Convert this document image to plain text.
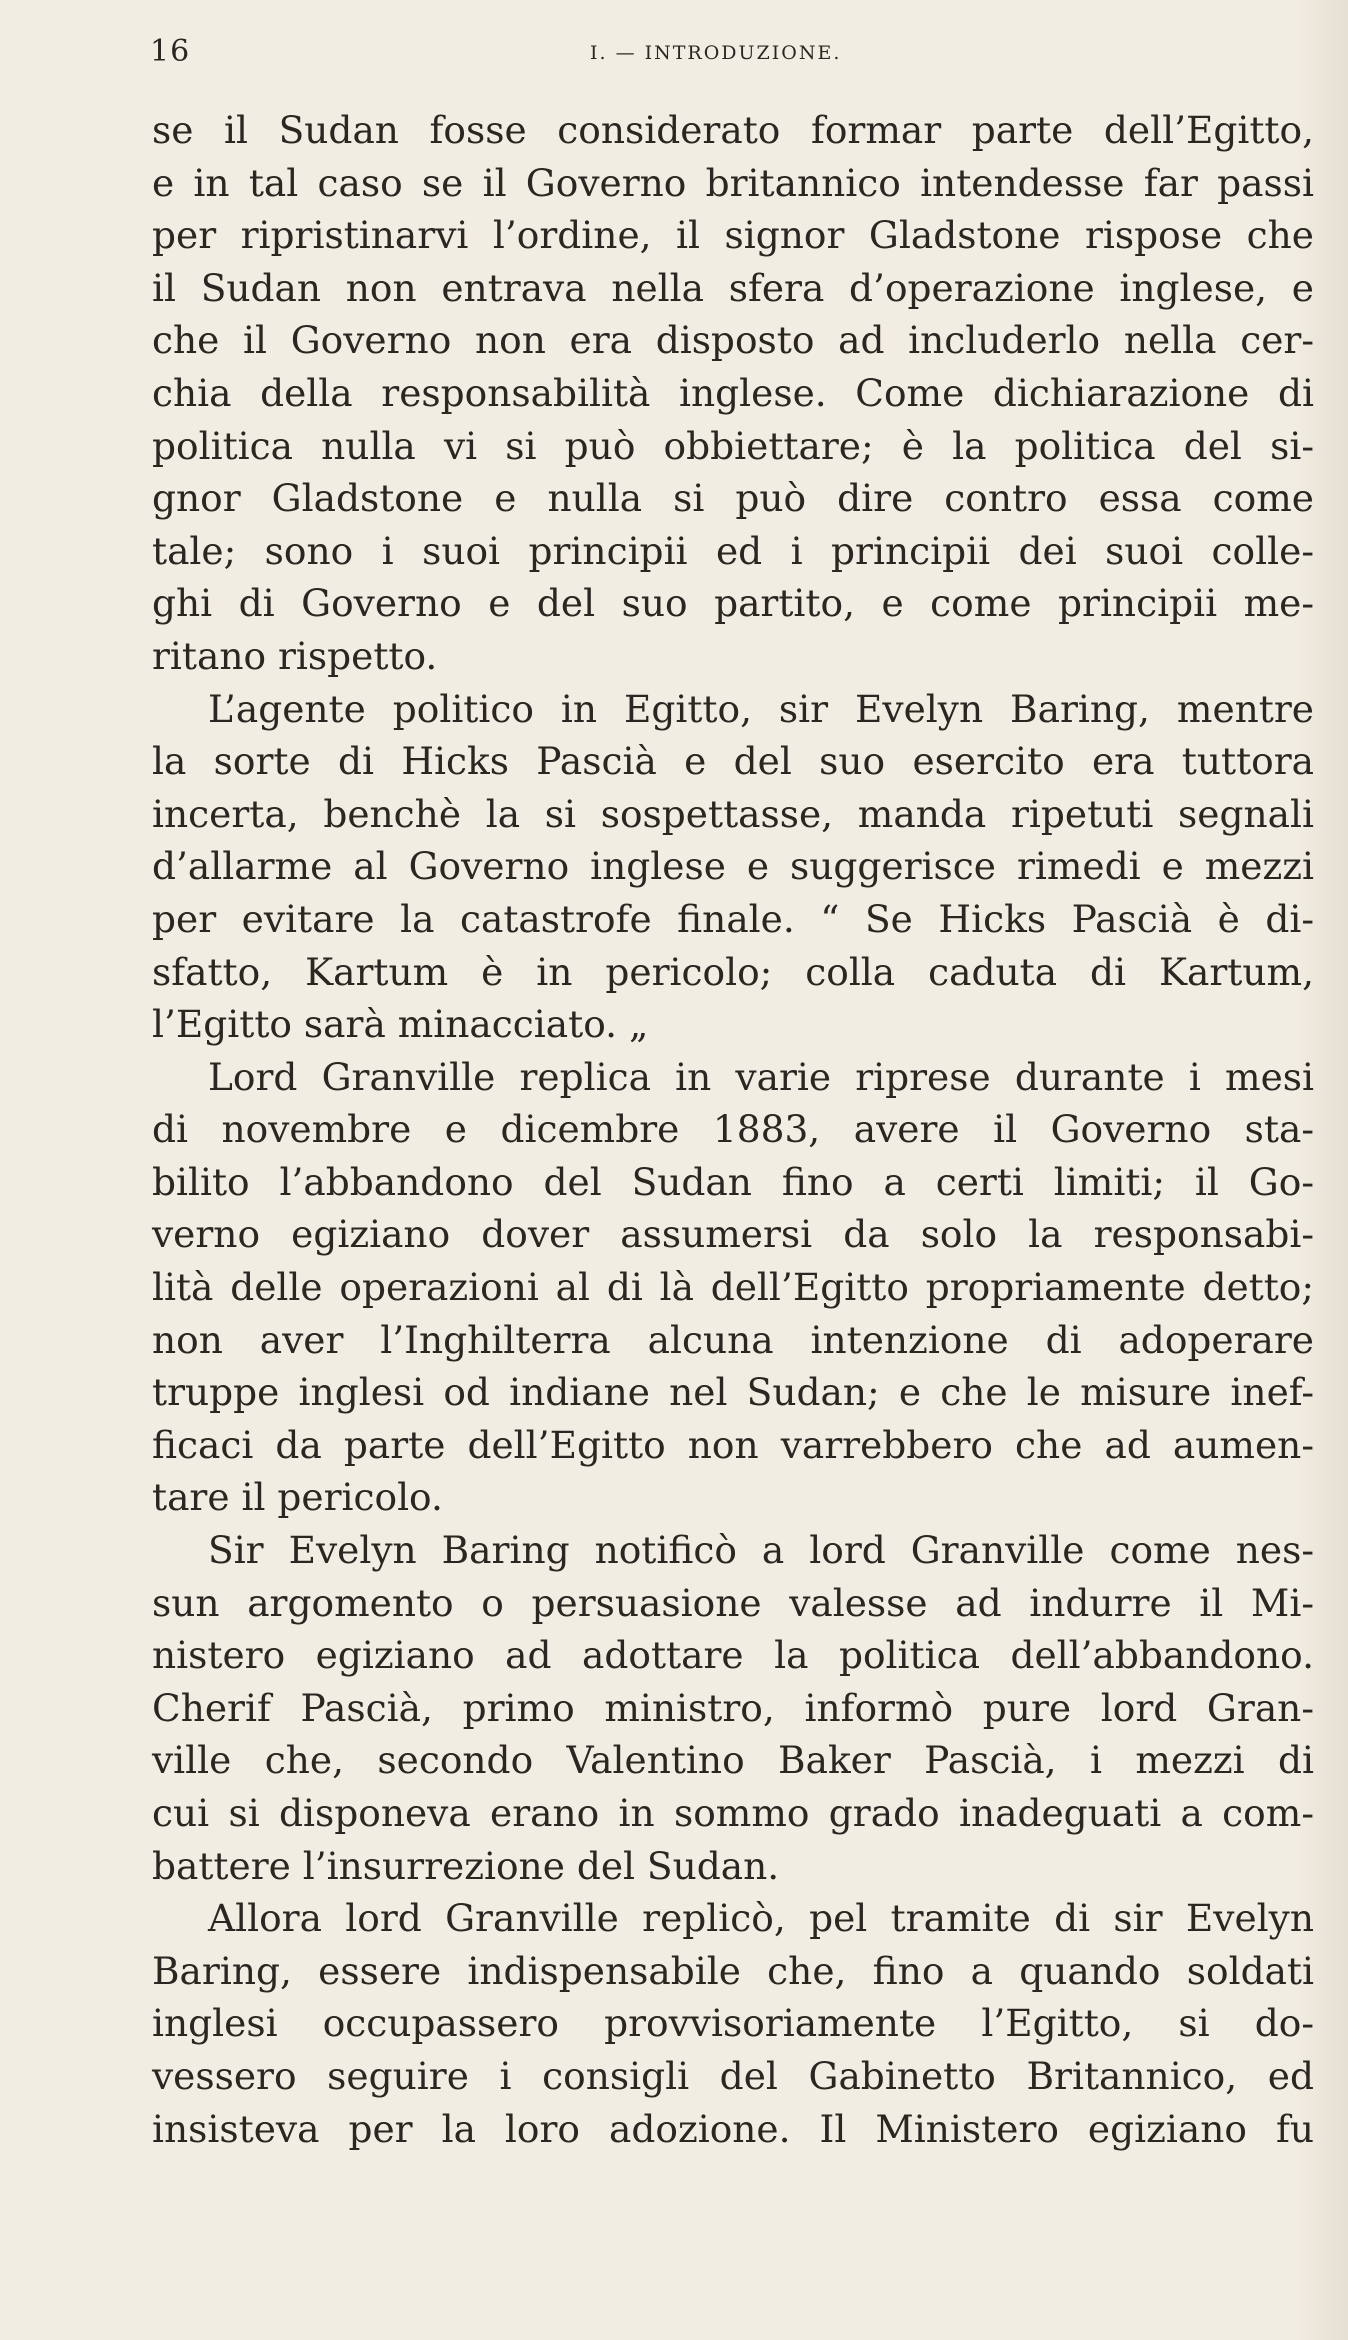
16	I. — INTRODUZIONE.
se il Sudan fosse considerato formar parte dell’Egitto,
e in tal caso se il Governo britannico intendesse far passi
per ripristinarvi l’ordine, il signor Gladstone rispose che
il Sudan non entrava nella sfera d’operazione inglese, e
che il Governo non era disposto ad includerlo nella cer-
chia della responsabilità inglese. Come dichiarazione di
politica nulla vi si può obbiettare; è la politica del si-
gnor Gladstone e nulla si può dire contro essa come
tale; sono i suoi principii ed i principii dei suoi colle-
ghi di Governo e del suo partito, e come principii me-
ritano rispetto.
L’agente politico in Egitto, sir Evelyn Baring, mentre
la sorte di Hicks Pascià e del suo esercito era tuttora
incerta, benchè la si sospettasse, manda ripetuti segnali
d’allarme al Governo inglese e suggerisce rimedi e mezzi
per evitare la catastrofe finale. “ Se Hicks Pascià è di-
sfatto, Kartum è in pericolo; colla caduta di Kartum,
l’Egitto sarà minacciato. „
Lord Granville replica in varie riprese durante i mesi
di novembre e dicembre 1883, avere il Governo sta-
bilito l’abbandono del Sudan fino a certi limiti; il Go-
verno egiziano dover assumersi da solo la responsabi-
lità delle operazioni al di là dell’Egitto propriamente detto;
non aver l’Inghilterra alcuna intenzione di adoperare
truppe inglesi od indiane nel Sudan; e che le misure inef-
ficaci da parte dell’Egitto non varrebbero che ad aumen-
tare il pericolo.
Sir Evelyn Baring notificò a lord Granville come nes-
sun argomento o persuasione valesse ad indurre il Mi-
nistero egiziano ad adottare la politica dell’abbandono.
Cherif Pascià, primo ministro, informò pure lord Gran-
ville che, secondo Valentino Baker Pascià, i mezzi di
cui si disponeva erano in sommo grado inadeguati a com-
battere l’insurrezione del Sudan.
Allora lord Granville replicò, pel tramite di sir Evelyn
Baring, essere indispensabile che, fino a quando soldati
inglesi occupassero provvisoriamente l’Egitto, si do-
vessero seguire i consigli del Gabinetto Britannico, ed
insisteva per la loro adozione. Il Ministero egiziano fu
